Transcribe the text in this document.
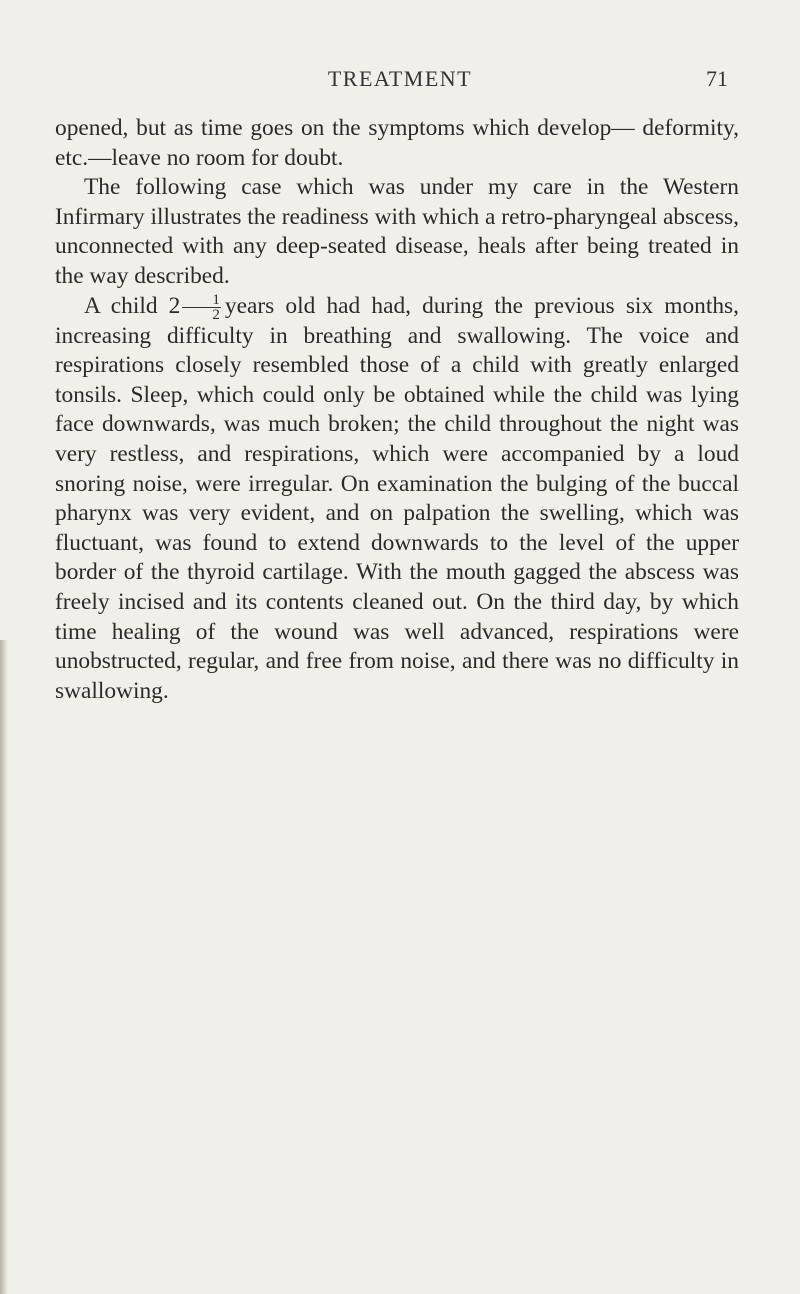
TREATMENT	71

opened, but as time goes on the symptoms which develop— deformity, etc.—leave no room for doubt.

The following case which was under my care in the Western Infirmary illustrates the readiness with which a retro-pharyngeal abscess, unconnected with any deep-seated disease, heals after being treated in the way described.

A child $2 \frac{1}{2}$ years old had had, during the previous six months, increasing difficulty in breathing and swallowing. The voice and respirations closely resembled those of a child with greatly enlarged tonsils. Sleep, which could only be obtained while the child was lying face downwards, was much broken; the child throughout the night was very restless, and respirations, which were accompanied by a loud snoring noise, were irregular. On examination the bulging of the buccal pharynx was very evident, and on palpation the swelling, which was fluctuant, was found to extend downwards to the level of the upper border of the thyroid cartilage. With the mouth gagged the abscess was freely incised and its contents cleaned out. On the third day, by which time healing of the wound was well advanced, respirations were unobstructed, regular, and free from noise, and there was no difficulty in swallowing.
